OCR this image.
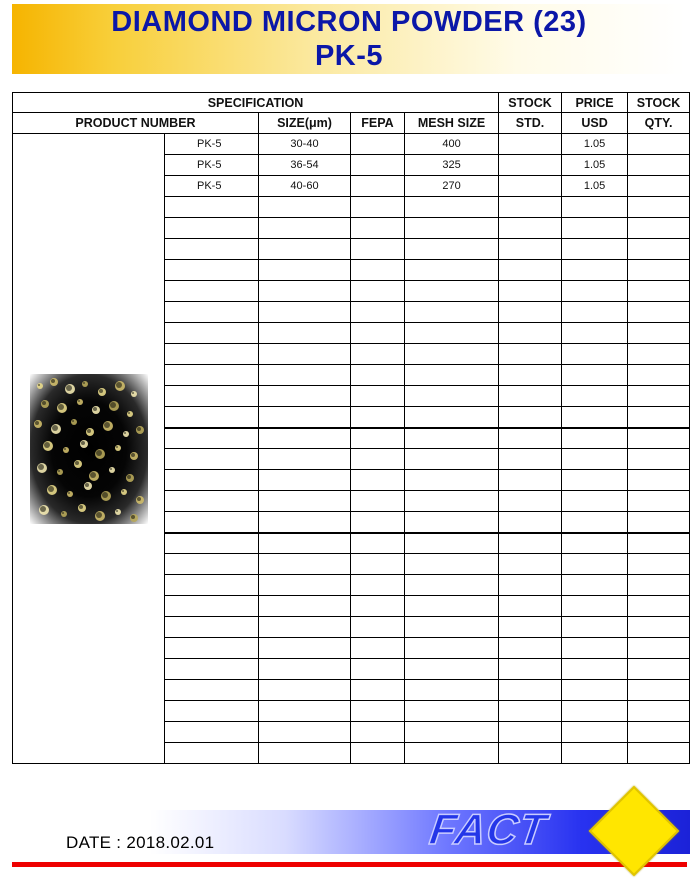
DIAMOND MICRON POWDER (23)
PK-5
SPECIFICATION					STOCK	PRICE	STOCK
PRODUCT NUMBER		SIZE(μm)	FEPA	MESH SIZE	STD.	USD	QTY.

	PK-5	30-40		400		1.05	
	PK-5	36-54		325		1.05	
	PK-5	40-60		270		1.05	

DATE : 2018.02.01	FACT
